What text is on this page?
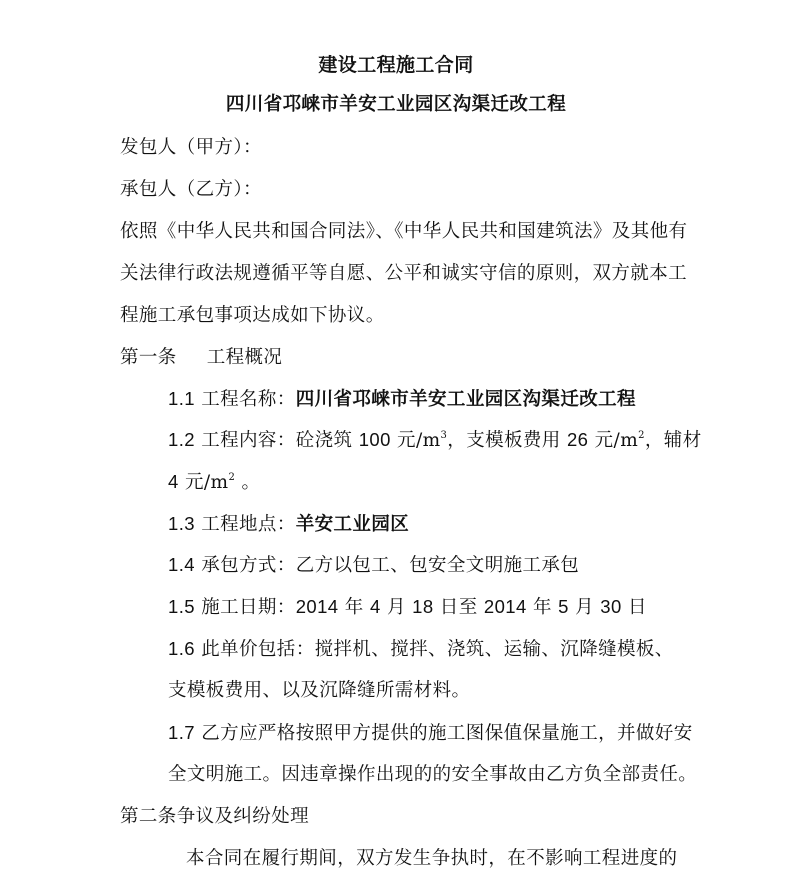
建设工程施工合同
四川省邛崃市羊安工业园区沟渠迁改工程
发包人（甲方）：
承包人（乙方）：
依照《中华人民共和国合同法》、《中华人民共和国建筑法》及其他有
关法律行政法规遵循平等自愿、公平和诚实守信的原则，双方就本工
程施工承包事项达成如下协议。
第一条 工程概况
1.1 工程名称：四川省邛崃市羊安工业园区沟渠迁改工程
1.2 工程内容：砼浇筑 100 元$/m^3$，支模板费用 26 元$/m^2$，辅材
4 元$/m^2$ 。
1.3 工程地点：羊安工业园区
1.4 承包方式：乙方以包工、包安全文明施工承包
1.5 施工日期：2014 年 4 月 18 日至 2014 年 5 月 30 日
1.6 此单价包括：搅拌机、搅拌、浇筑、运输、沉降缝模板、
支模板费用、以及沉降缝所需材料。
1.7 乙方应严格按照甲方提供的施工图保值保量施工，并做好安
全文明施工。因违章操作出现的的安全事故由乙方负全部责任。
第二条争议及纠纷处理
本合同在履行期间，双方发生争执时，在不影响工程进度的
